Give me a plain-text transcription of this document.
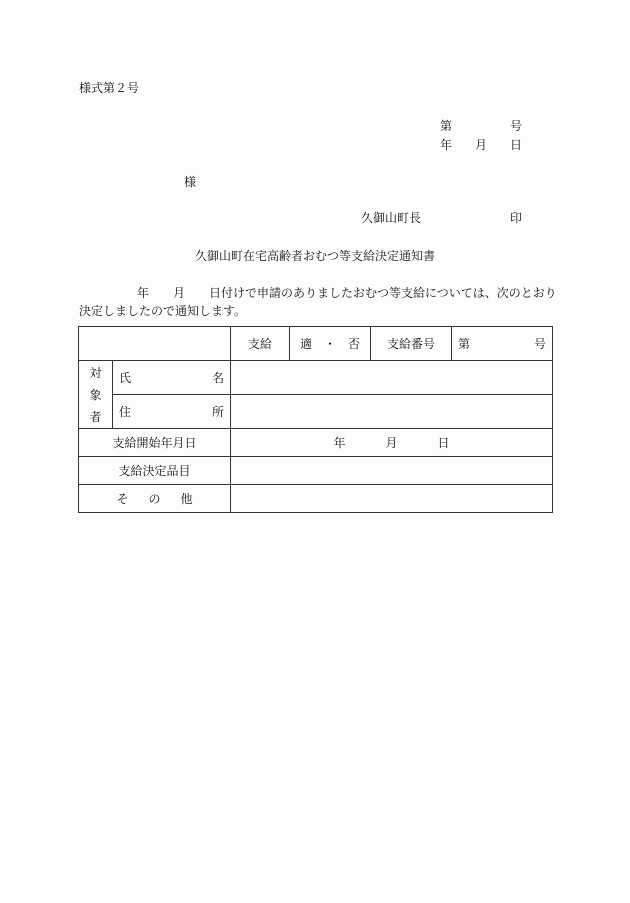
様式第２号
第	号
年 月 日
様
久御山町長	印
久御山町在宅高齢者おむつ等支給決定通知書
年 月 日付けで申請のありましたおむつ等支給については、次のとおり
決定しましたので通知します。
		支給	適　・　否	支給番号	第 号

対
象
者	氏 名				

	住 所				

支給開始年月日		年 月 日			

支給決定品目					

そ の 他					
